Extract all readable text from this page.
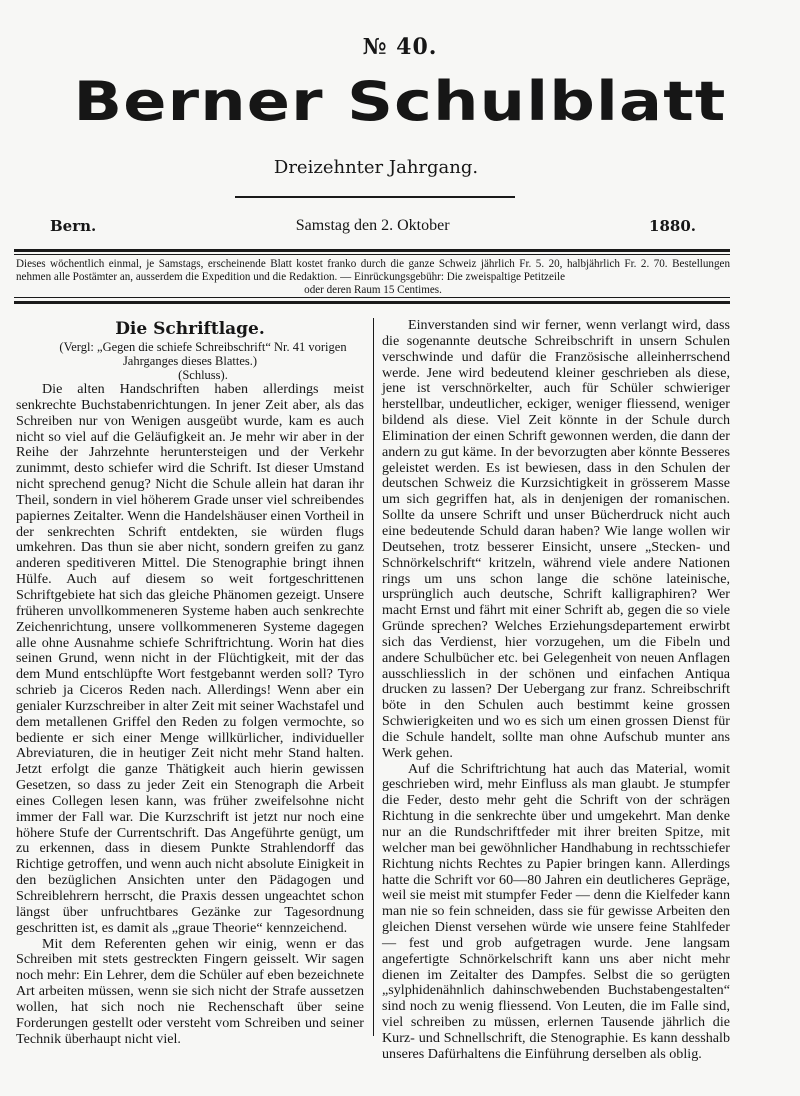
№ 40.
Berner Schulblatt
Dreizehnter Jahrgang.
Bern.	Samstag den 2. Oktober	1880.
Dieses wöchentlich einmal, je Samstags, erscheinende Blatt kostet franko durch die ganze Schweiz jährlich Fr. 5. 20, halbjährlich Fr. 2. 70. Bestellungen nehmen alle Postämter an, ausserdem die Expedition und die Redaktion. — Einrückungsgebühr: Die zweispaltige Petitzeile
oder deren Raum 15 Centimes.
Die Schriftlage.

(Vergl: „Gegen die schiefe Schreibschrift“ Nr. 41 vorigen Jahrganges dieses Blattes.)

(Schluss).

Die alten Handschriften haben allerdings meist senkrechte Buchstabenrichtungen. In jener Zeit aber, als das Schreiben nur von Wenigen ausgeübt wurde, kam es auch nicht so viel auf die Geläufigkeit an. Je mehr wir aber in der Reihe der Jahrzehnte heruntersteigen und der Verkehr zunimmt, desto schiefer wird die Schrift. Ist dieser Umstand nicht sprechend genug? Nicht die Schule allein hat daran ihr Theil, sondern in viel höherem Grade unser viel schreibendes papiernes Zeitalter. Wenn die Handelshäuser einen Vortheil in der senkrechten Schrift entdekten, sie würden flugs umkehren. Das thun sie aber nicht, sondern greifen zu ganz anderen speditiveren Mittel. Die Stenographie bringt ihnen Hülfe. Auch auf diesem so weit fortgeschrittenen Schriftgebiete hat sich das gleiche Phänomen gezeigt. Unsere früheren unvollkommeneren Systeme haben auch senkrechte Zeichenrichtung, unsere vollkommeneren Systeme dagegen alle ohne Ausnahme schiefe Schriftrichtung. Worin hat dies seinen Grund, wenn nicht in der Flüchtigkeit, mit der das dem Mund entschlüpfte Wort festgebannt werden soll? Tyro schrieb ja Ciceros Reden nach. Allerdings! Wenn aber ein genialer Kurzschreiber in alter Zeit mit seiner Wachstafel und dem metallenen Griffel den Reden zu folgen vermochte, so bediente er sich einer Menge willkürlicher, individueller Abreviaturen, die in heutiger Zeit nicht mehr Stand halten. Jetzt erfolgt die ganze Thätigkeit auch hierin gewissen Gesetzen, so dass zu jeder Zeit ein Stenograph die Arbeit eines Collegen lesen kann, was früher zweifelsohne nicht immer der Fall war. Die Kurzschrift ist jetzt nur noch eine höhere Stufe der Currentschrift. Das Angeführte genügt, um zu erkennen, dass in diesem Punkte Strahlendorff das Richtige getroffen, und wenn auch nicht absolute Einigkeit in den bezüglichen Ansichten unter den Pädagogen und Schreiblehrern herrscht, die Praxis dessen ungeachtet schon längst über unfruchtbares Gezänke zur Tagesordnung geschritten ist, es damit als „graue Theorie“ kennzeichend.

Mit dem Referenten gehen wir einig, wenn er das Schreiben mit stets gestreckten Fingern geisselt. Wir sagen noch mehr: Ein Lehrer, dem die Schüler auf eben bezeichnete Art arbeiten müssen, wenn sie sich nicht der Strafe aussetzen wollen, hat sich noch nie Rechenschaft über seine Forderungen gestellt oder versteht vom Schreiben und seiner Technik überhaupt nicht viel.

Einverstanden sind wir ferner, wenn verlangt wird, dass die sogenannte deutsche Schreibschrift in unsern Schulen verschwinde und dafür die Französische alleinherrschend werde. Jene wird bedeutend kleiner geschrieben als diese, jene ist verschnörkelter, auch für Schüler schwieriger herstellbar, undeutlicher, eckiger, weniger fliessend, weniger bildend als diese. Viel Zeit könnte in der Schule durch Elimination der einen Schrift gewonnen werden, die dann der andern zu gut käme. In der bevorzugten aber könnte Besseres geleistet werden. Es ist bewiesen, dass in den Schulen der deutschen Schweiz die Kurzsichtigkeit in grösserem Masse um sich gegriffen hat, als in denjenigen der romanischen. Sollte da unsere Schrift und unser Bücherdruck nicht auch eine bedeutende Schuld daran haben? Wie lange wollen wir Deutsehen, trotz besserer Einsicht, unsere „Stecken- und Schnörkelschrift“ kritzeln, während viele andere Nationen rings um uns schon lange die schöne lateinische, ursprünglich auch deutsche, Schrift kalligraphiren? Wer macht Ernst und fährt mit einer Schrift ab, gegen die so viele Gründe sprechen? Welches Erziehungsdepartement erwirbt sich das Verdienst, hier vorzugehen, um die Fibeln und andere Schulbücher etc. bei Gelegenheit von neuen Anflagen ausschliesslich in der schönen und einfachen Antiqua drucken zu lassen? Der Uebergang zur franz. Schreibschrift böte in den Schulen auch bestimmt keine grossen Schwierigkeiten und wo es sich um einen grossen Dienst für die Schule handelt, sollte man ohne Aufschub munter ans Werk gehen.

Auf die Schriftrichtung hat auch das Material, womit geschrieben wird, mehr Einfluss als man glaubt. Je stumpfer die Feder, desto mehr geht die Schrift von der schrägen Richtung in die senkrechte über und umgekehrt. Man denke nur an die Rundschriftfeder mit ihrer breiten Spitze, mit welcher man bei gewöhnlicher Handhabung in rechtsschiefer Richtung nichts Rechtes zu Papier bringen kann. Allerdings hatte die Schrift vor 60—80 Jahren ein deutlicheres Gepräge, weil sie meist mit stumpfer Feder — denn die Kielfeder kann man nie so fein schneiden, dass sie für gewisse Arbeiten den gleichen Dienst versehen würde wie unsere feine Stahlfeder — fest und grob aufgetragen wurde. Jene langsam angefertigte Schnörkelschrift kann uns aber nicht mehr dienen im Zeitalter des Dampfes. Selbst die so gerügten „sylphidenähnlich dahinschwebenden Buchstabengestalten“ sind noch zu wenig fliessend. Von Leuten, die im Falle sind, viel schreiben zu müssen, erlernen Tausende jährlich die Kurz- und Schnellschrift, die Stenographie. Es kann desshalb unseres Dafürhaltens die Einführung derselben als oblig.
